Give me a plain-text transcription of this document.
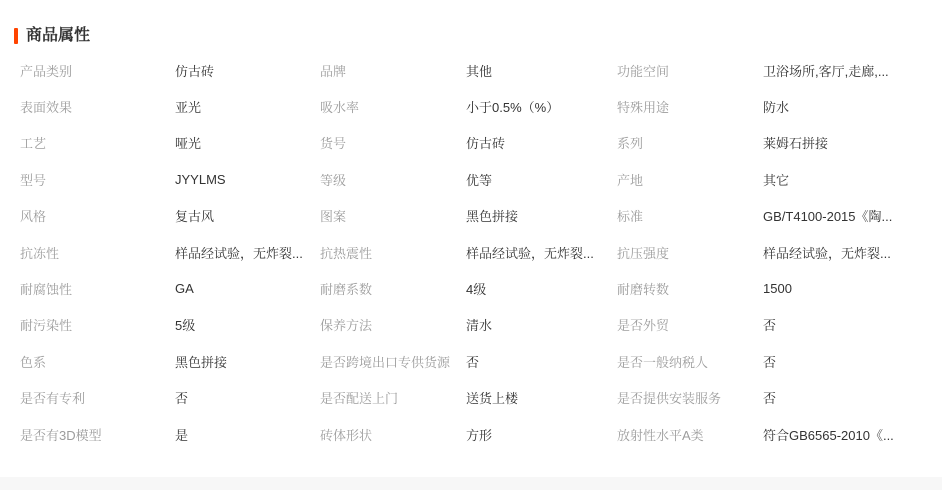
商品属性
产品类别	仿古砖	品牌	其他	功能空间	卫浴场所,客厅,走廊,...
表面效果	亚光	吸水率	小于0.5%（%）	特殊用途	防水
工艺	哑光	货号	仿古砖	系列	莱姆石拼接
型号	JYYLMS	等级	优等	产地	其它
风格	复古风	图案	黑色拼接	标准	GB/T4100-2015《陶...
抗冻性	样品经试验，无炸裂... 抗热震性	样品经试验，无炸裂... 抗压强度	样品经试验，无炸裂...
耐腐蚀性	GA	耐磨系数	4级	耐磨转数	1500
耐污染性	5级	保养方法	清水	是否外贸	否
色系	黑色拼接	是否跨境出口专供货源	否	是否一般纳税人	否
是否有专利	否	是否配送上门	送货上楼	是否提供安装服务	否
是否有3D模型	是	砖体形状	方形	放射性水平A类	符合GB6565-2010《...
